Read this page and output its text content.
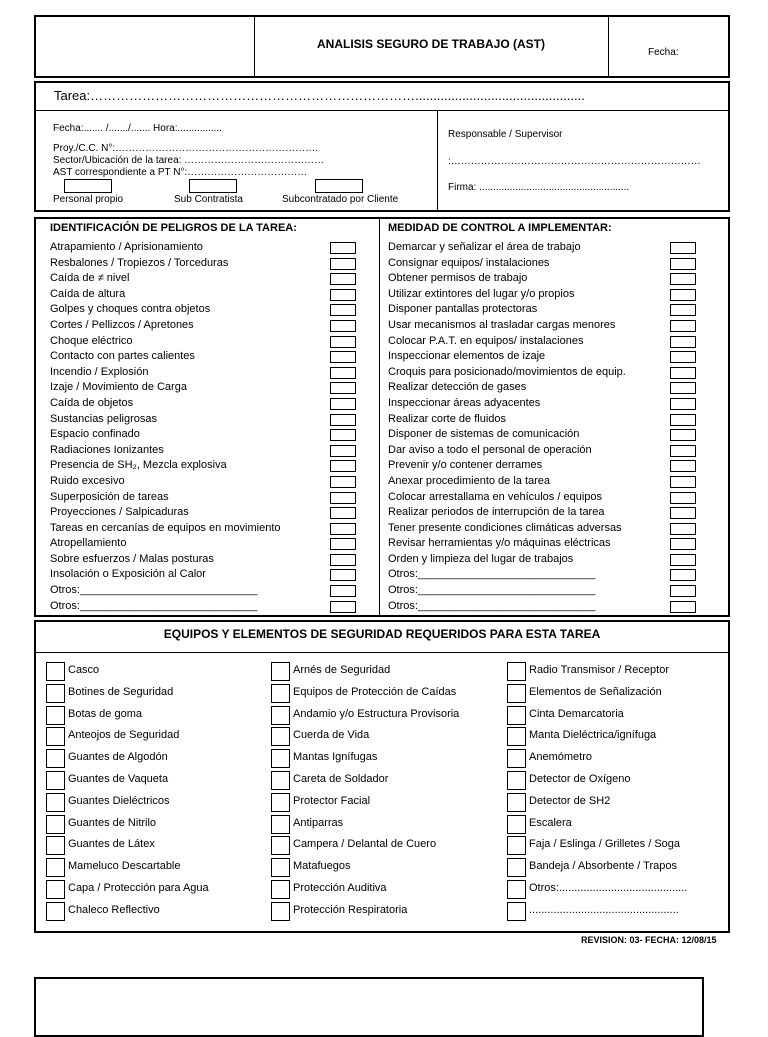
ANALISIS SEGURO DE TRABAJO (AST)
Fecha:
Tarea:…………………………………………………………………...............................................
Fecha:....... /......./....... Hora:................
Proy./C.C. N°:…………………………………………………….
Sector/Ubicación de la tarea: ……………………………………
AST correspondiente a PT N°:………………………………
Personal propio	Sub Contratista	Subcontratado por Cliente
Responsable / Supervisor
:…………………………………………………………………
Firma: ......................................................
IDENTIFICACIÓN DE PELIGROS DE LA TAREA:	MEDIDAD DE CONTROL A IMPLEMENTAR:
Atrapamiento / Aprisionamiento
Resbalones / Tropiezos / Torceduras
Caída de ≠ nivel
Caída de altura
Golpes y choques contra objetos
Cortes / Pellizcos / Apretones
Choque eléctrico
Contacto con partes calientes
Incendio / Explosión
Izaje / Movimiento de Carga
Caída de objetos
Sustancias peligrosas
Espacio confinado
Radiaciones Ionizantes
Presencia de SH₂, Mezcla explosiva
Ruido excesivo
Superposición de tareas
Proyecciones / Salpicaduras
Tareas en cercanías de equipos en movimiento
Atropellamiento
Sobre esfuerzos / Malas posturas
Insolación o Exposición al Calor
Otros:_____________________________
Otros:_____________________________
Demarcar y señalizar el área de trabajo
Consignar equipos/ instalaciones
Obtener permisos de trabajo
Utilizar extintores del lugar y/o propios
Disponer pantallas protectoras
Usar mecanismos al trasladar cargas menores
Colocar P.A.T. en equipos/ instalaciones
Inspeccionar elementos de izaje
Croquis para posicionado/movimientos de equip.
Realizar detección de gases
Inspeccionar áreas adyacentes
Realizar corte de fluidos
Disponer de sistemas de comunicación
Dar aviso a todo el personal de operación
Prevenir y/o contener derrames
Anexar procedimiento de la tarea
Colocar arrestallama en vehículos / equipos
Realizar periodos de interrupción de la tarea
Tener presente condiciones climáticas adversas
Revisar herramientas y/o máquinas eléctricas
Orden y limpieza del lugar de trabajos
Otros:_____________________________
Otros:_____________________________
Otros:_____________________________
EQUIPOS Y ELEMENTOS DE SEGURIDAD REQUERIDOS PARA ESTA TAREA
Casco
Botines de Seguridad
Botas de goma
Anteojos de Seguridad
Guantes de Algodón
Guantes de Vaqueta
Guantes Dieléctricos
Guantes de Nitrilo
Guantes de Látex
Mameluco Descartable
Capa / Protección para Agua
Chaleco Reflectivo
Arnés de Seguridad
Equipos de Protección de Caídas
Andamio y/o Estructura Provisoria
Cuerda de Vida
Mantas Ignífugas
Careta de Soldador
Protector Facial
Antiparras
Campera / Delantal de Cuero
Matafuegos
Protección Auditiva
Protección Respiratoria
Radio Transmisor / Receptor
Elementos de Señalización
Cinta Demarcatoria
Manta Dieléctrica/ignífuga
Anemómetro
Detector de Oxígeno
Detector de SH2
Escalera
Faja / Eslinga / Grilletes / Soga
Bandeja / Absorbente / Trapos
Otros:..........................................
.................................................
REVISION: 03- FECHA: 12/08/15
